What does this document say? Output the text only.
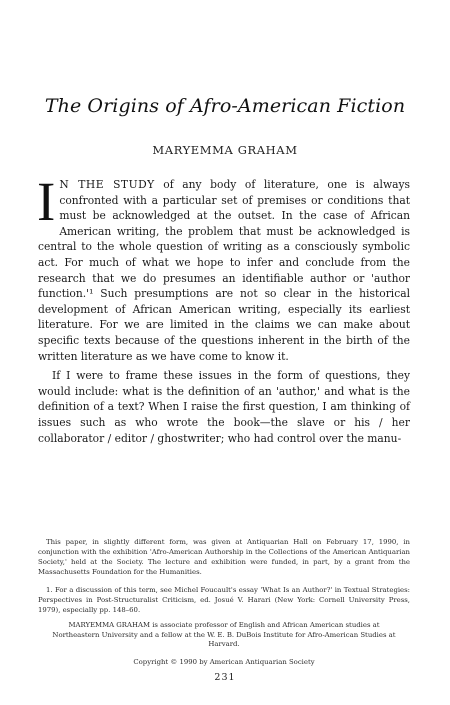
The Origins of Afro-American Fiction
MARYEMMA GRAHAM

I N THE STUDY of any body of literature, one is always confronted with a particular set of premises or conditions that must be acknowledged at the outset. In the case of African American writing, the problem that must be acknowledged is central to the whole question of writing as a consciously symbolic act. For much of what we hope to infer and conclude from the research that we do presumes an identifiable author or 'author function.'¹ Such presumptions are not so clear in the historical development of African American writing, especially its earliest literature. For we are limited in the claims we can make about specific texts because of the questions inherent in the birth of the written literature as we have come to know it.

If I were to frame these issues in the form of questions, they would include: what is the definition of an 'author,' and what is the definition of a text? When I raise the first question, I am thinking of issues such as who wrote the book—the slave or his / her collaborator / editor / ghostwriter; who had control over the manu-

This paper, in slightly different form, was given at Antiquarian Hall on February 17, 1990, in conjunction with the exhibition 'Afro-American Authorship in the Collections of the American Antiquarian Society,' held at the Society. The lecture and exhibition were funded, in part, by a grant from the Massachusetts Foundation for the Humanities.

1. For a discussion of this term, see Michel Foucault's essay 'What Is an Author?' in Textual Strategies: Perspectives in Post-Structuralist Criticism, ed. Josué V. Harari (New York: Cornell University Press, 1979), especially pp. 148–60.

MARYEMMA GRAHAM is associate professor of English and African American studies at Northeastern University and a fellow at the W. E. B. DuBois Institute for Afro-American Studies at Harvard.

Copyright © 1990 by American Antiquarian Society

231
